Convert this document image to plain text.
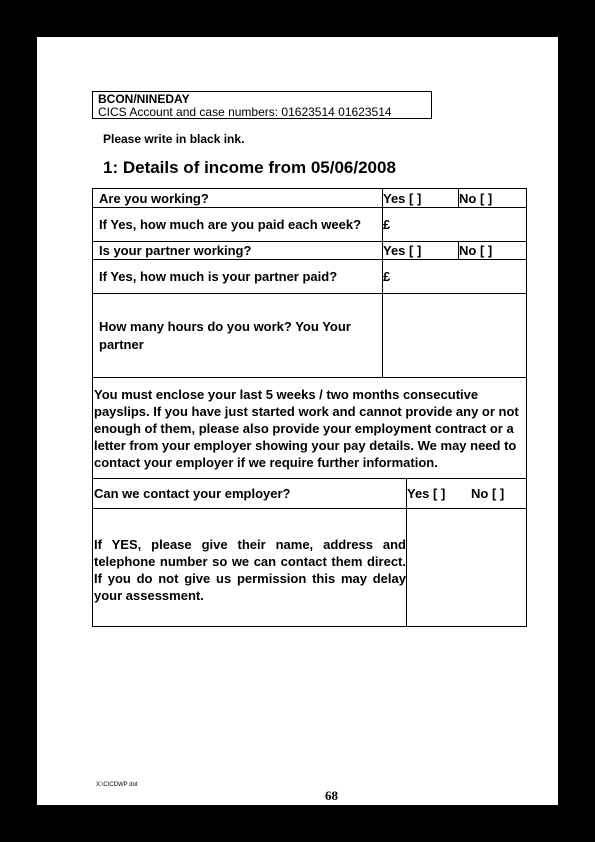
BCON/NINEDAY
CICS Account and case numbers: 01623514 01623514
Please write in black ink.
1: Details of income from 05/06/2008
Are you working?	Yes [ ]		No [ ]
If Yes, how much are you paid each week?	£		
Is your partner working?	Yes [ ]		No [ ]
If Yes, how much is your partner paid?	£		
How many hours do you work? You Your partner			

You must enclose your last 5 weeks / two months consecutive payslips. If you have just started work and cannot provide any or not enough of them, please also provide your employment contract or a letter from your employer showing your pay details. We may need to contact your employer if we require further information.			

Can we contact your employer?		Yes [ ] No [ ]	

If YES, please give their name, address and telephone number so we can contact them direct. If you do not give us permission this may delay your assessment.			

X:\CICDWP dot
68
